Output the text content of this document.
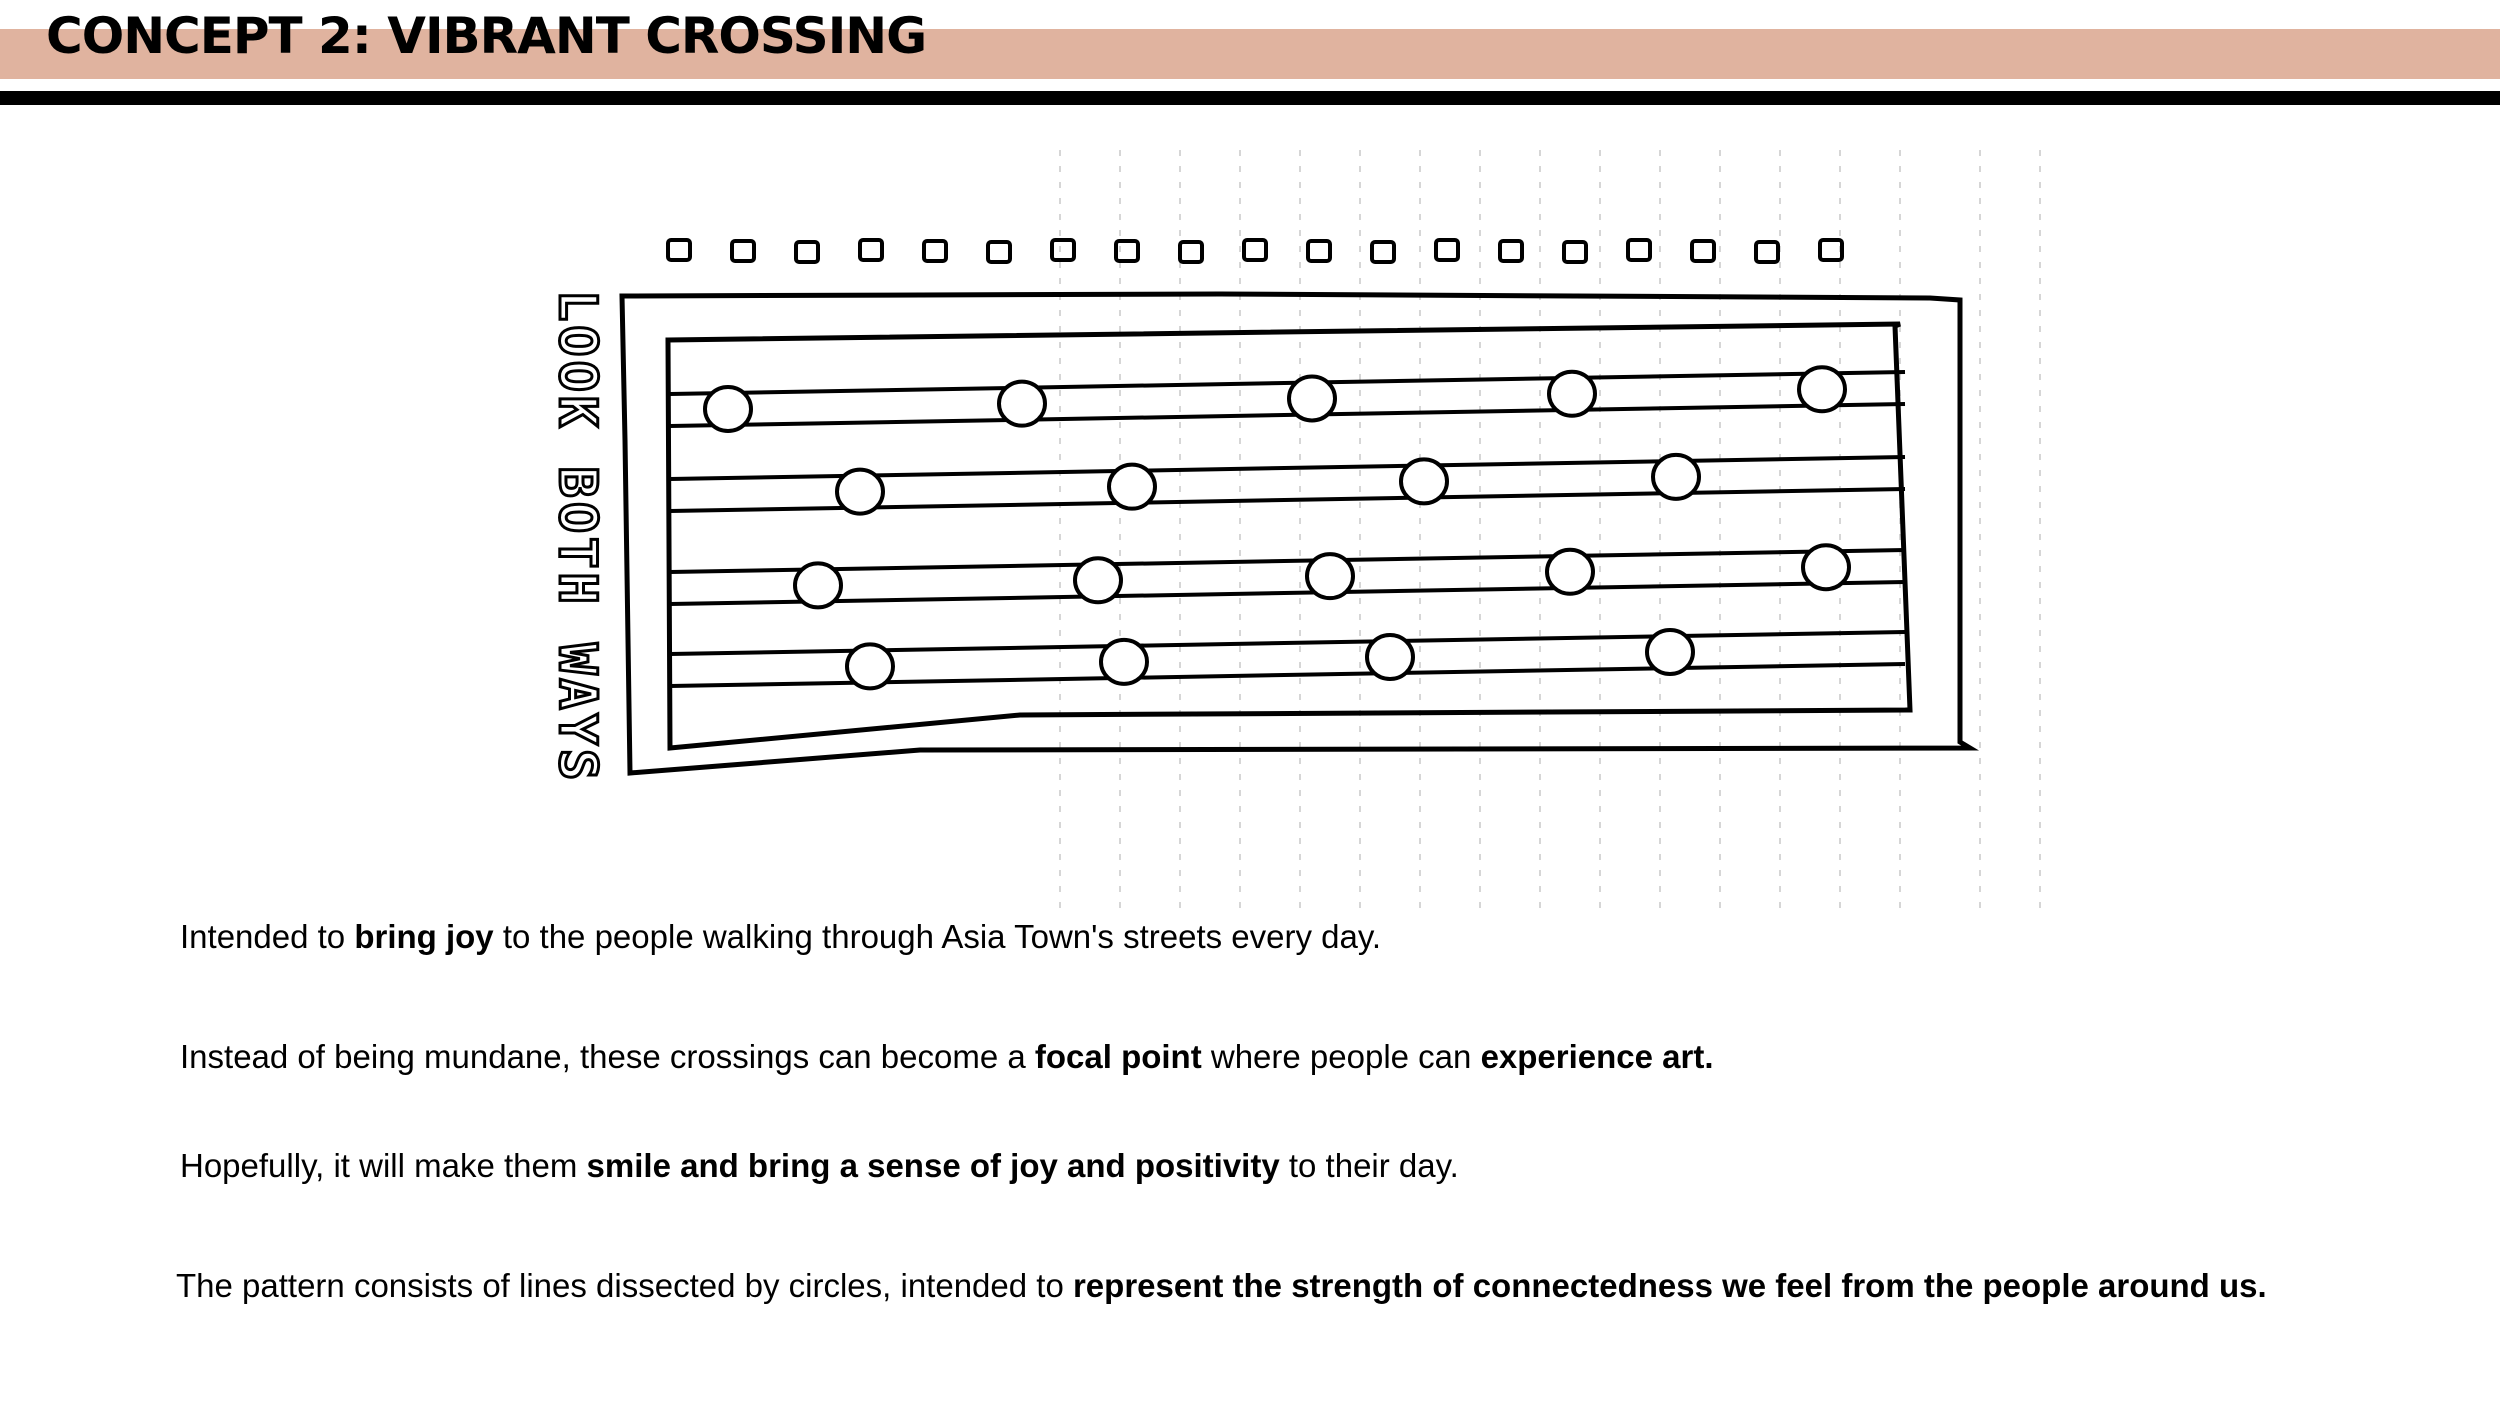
CONCEPT 2: VIBRANT CROSSING
LOOK BOTH WAYS

Intended to bring joy to the people walking through Asia Town's streets every day.

Instead of being mundane, these crossings can become a focal point where people can experience art.

Hopefully, it will make them smile and bring a sense of joy and positivity to their day.

The pattern consists of lines dissected by circles, intended to represent the strength of connectedness we feel from the people around us.
